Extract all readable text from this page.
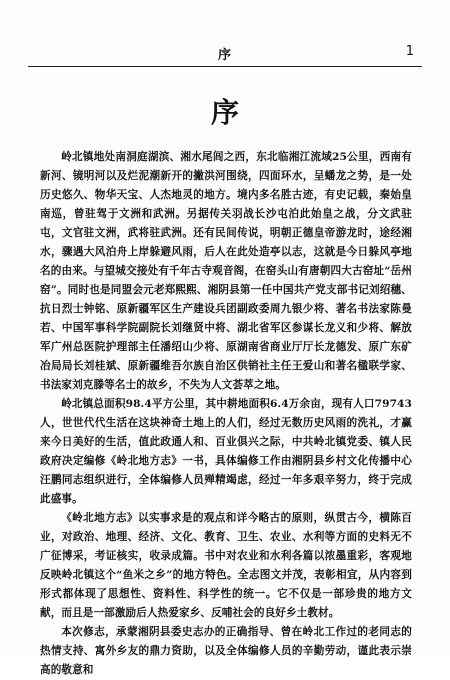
序	1
序

岭北镇地处南洞庭湖滨、湘水尾闾之西，东北临湘江流域25公里，西南有新河、镜明河以及烂泥潮新开的撇洪河围绕，四面环水，呈蟠龙之势，是一处历史悠久、物华天宝、人杰地灵的地方。境内多名胜古迹，有史记载，秦始皇南巡，曾驻驾于文洲和武洲。另据传关羽战长沙屯泊此始皇之战，分文武驻屯，文官驻文洲，武将驻武洲。还有民间传说，明朝正德皇帝游龙时，途经湘水，骤遇大风泊舟上岸躲避风雨，后人在此处造亭以志，这就是今日躲风亭地名的由来。与望城交接处有千年古寺观音阁，在窑头山有唐朝四大古窑址“岳州窑”。同时也是同盟会元老郑熙熙、湘阴县第一任中国共产党支部书记刘绍穗、抗日烈士钟铭、原新疆军区生产建设兵团副政委周九银少将、著名书法家陈曼若、中国军事科学院副院长刘继贤中将、湖北省军区参谋长龙义和少将、解放军广州总医院护理部主任潘绍山少将、原湖南省商业厅厅长龙德发、原广东矿冶局局长刘桂斌、原新疆维吾尔族自治区供销社主任王爱山和著名楹联学家、书法家刘克滕等名士的故乡，不失为人文荟萃之地。

岭北镇总面积98.4平方公里，其中耕地面积6.4万余亩，现有人口79743人，世世代代生活在这块神奇土地上的人们，经过无数历史风雨的洗礼，才赢来今日美好的生活，值此政通人和、百业俱兴之际，中共岭北镇党委、镇人民政府决定编修《岭北地方志》一书，具体编修工作由湘阴县乡村文化传播中心汪鹏同志组织进行，全体编修人员殚精竭虑，经过一年多艰辛努力，终于完成此盛事。

《岭北地方志》以实事求是的观点和详今略古的原则，纵贯古今，横陈百业，对政治、地理、经济、文化、教育、卫生、农业、水利等方面的史料无不广征博采，考证核实，收录成篇。书中对农业和水利各篇以浓墨重彩，客观地反映岭北镇这个“鱼米之乡”的地方特色。全志图文并茂，表彰相宜，从内容到形式都体现了思想性、资料性、科学性的统一。它不仅是一部珍贵的地方文献，而且是一部激励后人热爱家乡、反哺社会的良好乡土教材。

本次修志，承蒙湘阴县委史志办的正确指导、曾在岭北工作过的老同志的热情支持、寓外乡友的鼎力资助，以及全体编修人员的辛勤劳动，谨此表示崇高的敬意和
